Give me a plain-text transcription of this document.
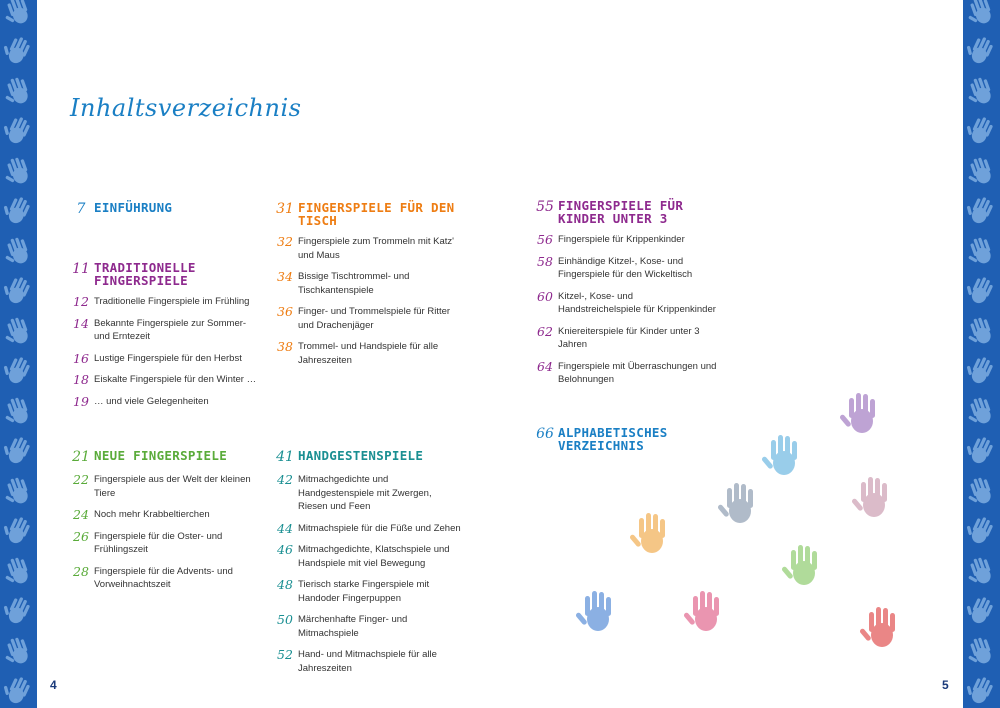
Inhaltsverzeichnis
7 EINFÜHRUNG
11 TRADITIONELLE FINGERSPIELE
12 Traditionelle Fingerspiele im Frühling
14 Bekannte Fingerspiele zur Sommer- und Erntezeit
16 Lustige Fingerspiele für den Herbst
18 Eiskalte Fingerspiele für den Winter …
19 … und viele Gelegenheiten
21 NEUE FINGERSPIELE
22 Fingerspiele aus der Welt der kleinen Tiere
24 Noch mehr Krabbeltierchen
26 Fingerspiele für die Oster- und Frühlingszeit
28 Fingerspiele für die Advents- und Vorweihnachtszeit
31 FINGERSPIELE FÜR DEN TISCH
32 Fingerspiele zum Trommeln mit Katz' und Maus
34 Bissige Tischtrommel- und Tischkantenspiele
36 Finger- und Trommelspiele für Ritter und Drachenjäger
38 Trommel- und Handspiele für alle Jahreszeiten
41 HANDGESTENSPIELE
42 Mitmachgedichte und Handgestenspiele mit Zwergen, Riesen und Feen
44 Mitmachspiele für die Füße und Zehen
46 Mitmachgedichte, Klatschspiele und Handspiele mit viel Bewegung
48 Tierisch starke Fingerspiele mit Handoder Fingerpuppen
50 Märchenhafte Finger- und Mitmachspiele
52 Hand- und Mitmachspiele für alle Jahreszeiten
55 FINGERSPIELE FÜR KINDER UNTER 3
56 Fingerspiele für Krippenkinder
58 Einhändige Kitzel-, Kose- und Fingerspiele für den Wickeltisch
60 Kitzel-, Kose- und Handstreichelspiele für Krippenkinder
62 Kniereiterspiele für Kinder unter 3 Jahren
64 Fingerspiele mit Überraschungen und Belohnungen
66 ALPHABETISCHES VERZEICHNIS
4	5
